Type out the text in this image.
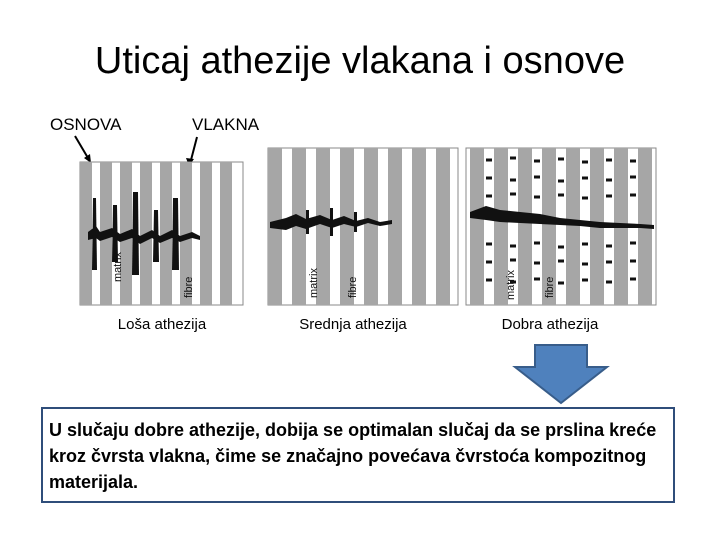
Uticaj athezije vlakana i osnove
OSNOVA	VLAKNA
matrix
fibre	matrix fibre	matrix fibre
Loša athezija	Srednja athezija	Dobra athezija
U slučaju dobre athezije, dobija se optimalan slučaj da se prslina kreće kroz čvrsta vlakna, čime se značajno povećava čvrstoća kompozitnog materijala.
